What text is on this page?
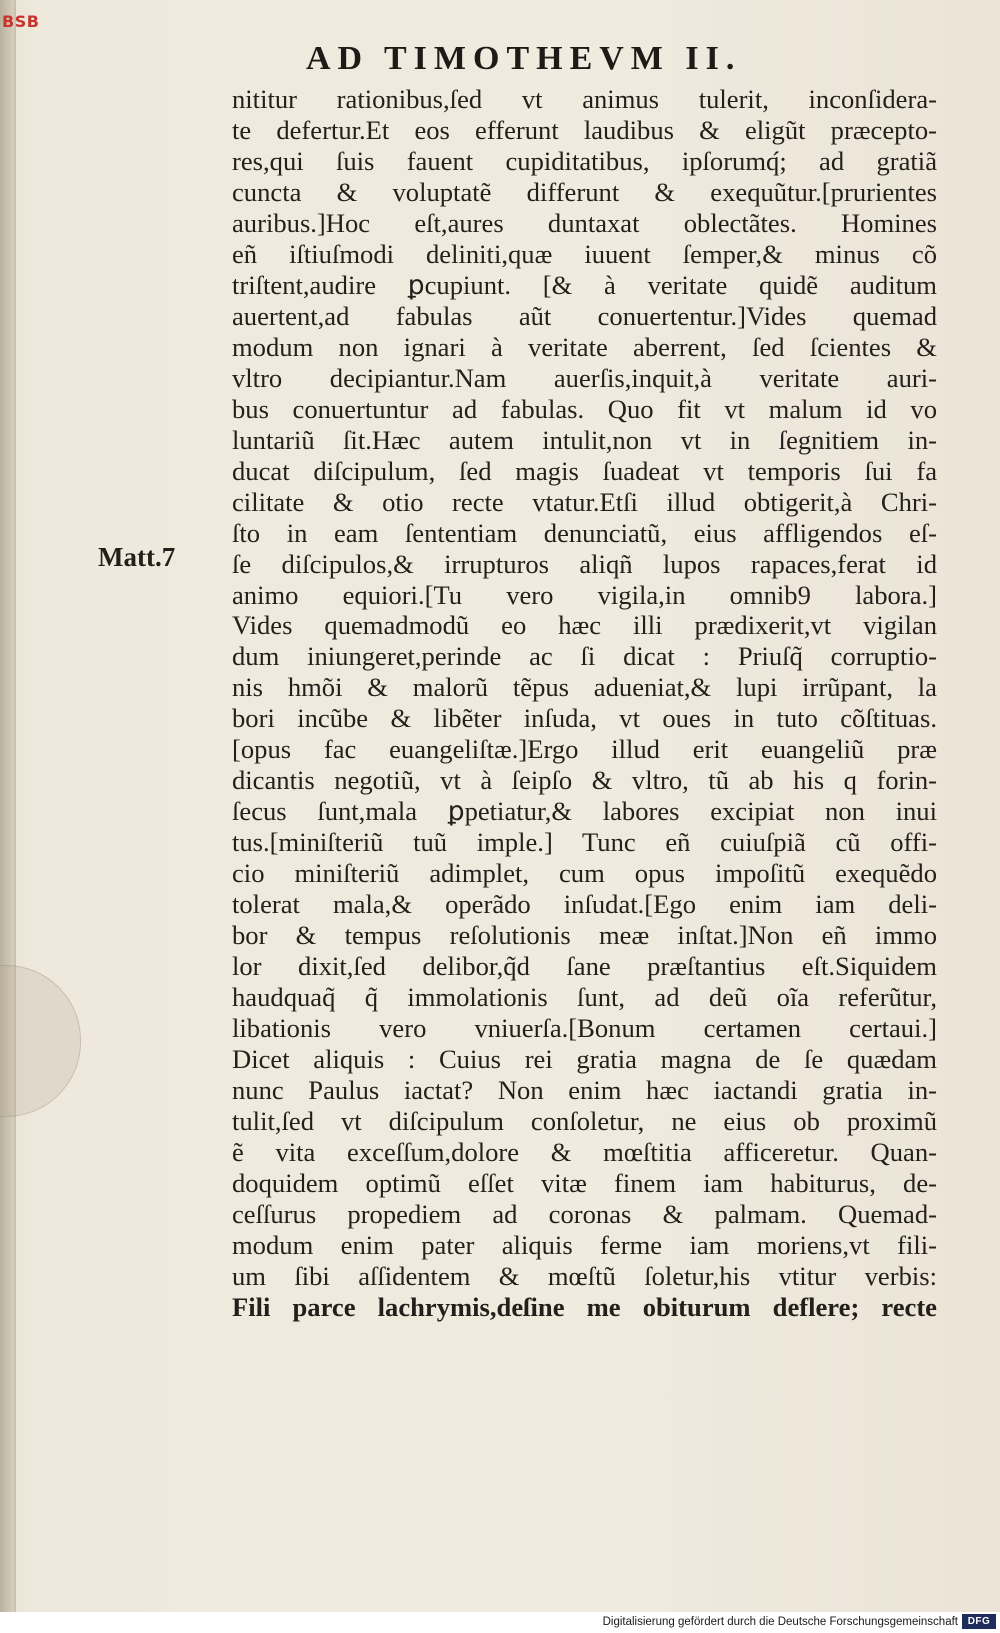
BSB
AD TIMOTHEVM II.
Matt.7
nititur rationibus,ſed vt animus tulerit, inconſidera-
te defertur.Et eos efferunt laudibus & eligũt præcepto-
res,qui ſuis fauent cupiditatibus, ipſorumq́; ad gratiã
cuncta & voluptatẽ differunt & exequũtur.[prurientes
auribus.]Hoc eſt,aures duntaxat oblectãtes. Homines
eñ iſtiuſmodi deliniti,quæ iuuent ſemper,& minus cõ
triſtent,audire ꝑcupiunt. [& à veritate quidẽ auditum
auertent,ad fabulas aũt conuertentur.]Vides quemad
modum non ignari à veritate aberrent, ſed ſcientes &
vltro decipiantur.Nam auerſis,inquit,à veritate auri-
bus conuertuntur ad fabulas. Quo fit vt malum id vo
luntariũ ſit.Hæc autem intulit,non vt in ſegnitiem in-
ducat diſcipulum, ſed magis ſuadeat vt temporis ſui fa
cilitate & otio recte vtatur.Etſi illud obtigerit,à Chri-
ſto in eam ſententiam denunciatũ, eius affligendos eſ-
ſe diſcipulos,& irrupturos aliqñ lupos rapaces,ferat id
animo equiori.[Tu vero vigila,in omnib9 labora.]
Vides quemadmodũ eo hæc illi prædixerit,vt vigilan
dum iniungeret,perinde ac ſi dicat : Priuſq̃ corruptio-
nis hmõi & malorũ tẽpus adueniat,& lupi irrũpant, la
bori incũbe & libẽter inſuda, vt oues in tuto cõſtituas.
[opus fac euangeliſtæ.]Ergo illud erit euangeliũ præ
dicantis negotiũ, vt à ſeipſo & vltro, tũ ab his q forin-
ſecus ſunt,mala ꝑpetiatur,& labores excipiat non inui
tus.[miniſteriũ tuũ imple.] Tunc eñ cuiuſpiã cũ offi-
cio miniſteriũ adimplet, cum opus impoſitũ exequẽdo
tolerat mala,& operãdo inſudat.[Ego enim iam deli-
bor & tempus reſolutionis meæ inſtat.]Non eñ immo
lor dixit,ſed delibor,q̃d ſane præſtantius eſt.Siquidem
haudquaq̃ q̃ immolationis ſunt, ad deũ oĩa referũtur,
libationis vero vniuerſa.[Bonum certamen certaui.]
Dicet aliquis : Cuius rei gratia magna de ſe quædam
nunc Paulus iactat? Non enim hæc iactandi gratia in-
tulit,ſed vt diſcipulum conſoletur, ne eius ob proximũ
ẽ vita exceſſum,dolore & mœſtitia afficeretur. Quan-
doquidem optimũ eſſet vitæ finem iam habiturus, de-
ceſſurus propediem ad coronas & palmam. Quemad-
modum enim pater aliquis ferme iam moriens,vt fili-
um ſibi aſſidentem & mœſtũ ſoletur,his vtitur verbis:
Fili parce lachrymis,deſine me obiturum deflere; recte
Digitalisierung gefördert durch die Deutsche Forschungsgemeinschaft DFG
